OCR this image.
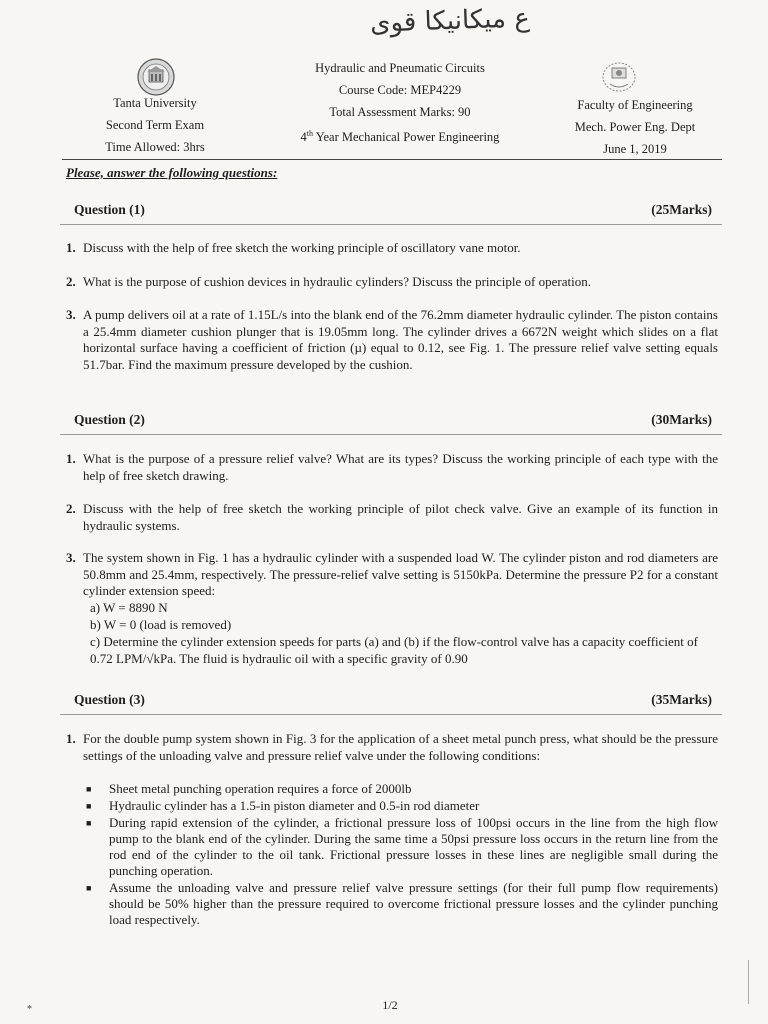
ع ميكانيكا قوى
Tanta University
Second Term Exam
Time Allowed: 3hrs
Hydraulic and Pneumatic Circuits
Course Code: MEP4229
Total Assessment Marks: 90
4th Year Mechanical Power Engineering
Faculty of Engineering
Mech. Power Eng. Dept
June 1, 2019
Please, answer the following questions:
Question (1)	(25Marks)
1. Discuss with the help of free sketch the working principle of oscillatory vane motor.
2. What is the purpose of cushion devices in hydraulic cylinders? Discuss the principle of operation.
3. A pump delivers oil at a rate of 1.15L/s into the blank end of the 76.2mm diameter hydraulic cylinder. The piston contains a 25.4mm diameter cushion plunger that is 19.05mm long. The cylinder drives a 6672N weight which slides on a flat horizontal surface having a coefficient of friction (µ) equal to 0.12, see Fig. 1. The pressure relief valve setting equals 51.7bar. Find the maximum pressure developed by the cushion.
Question (2)	(30Marks)
1. What is the purpose of a pressure relief valve? What are its types? Discuss the working principle of each type with the help of free sketch drawing.
2. Discuss with the help of free sketch the working principle of pilot check valve. Give an example of its function in hydraulic systems.
3. The system shown in Fig. 1 has a hydraulic cylinder with a suspended load W. The cylinder piston and rod diameters are 50.8mm and 25.4mm, respectively. The pressure-relief valve setting is 5150kPa. Determine the pressure P2 for a constant cylinder extension speed:
a) W = 8890 N
b) W = 0 (load is removed)
c) Determine the cylinder extension speeds for parts (a) and (b) if the flow-control valve has a capacity coefficient of 0.72 LPM/√kPa. The fluid is hydraulic oil with a specific gravity of 0.90
Question (3)	(35Marks)
1. For the double pump system shown in Fig. 3 for the application of a sheet metal punch press, what should be the pressure settings of the unloading valve and pressure relief valve under the following conditions:
■ Sheet metal punching operation requires a force of 2000lb
■ Hydraulic cylinder has a 1.5-in piston diameter and 0.5-in rod diameter
■ During rapid extension of the cylinder, a frictional pressure loss of 100psi occurs in the line from the high flow pump to the blank end of the cylinder. During the same time a 50psi pressure loss occurs in the return line from the rod end of the cylinder to the oil tank. Frictional pressure losses in these lines are negligible small during the punching operation.
■ Assume the unloading valve and pressure relief valve pressure settings (for their full pump flow requirements) should be 50% higher than the pressure required to overcome frictional pressure losses and the cylinder punching load respectively.
1/2
*
